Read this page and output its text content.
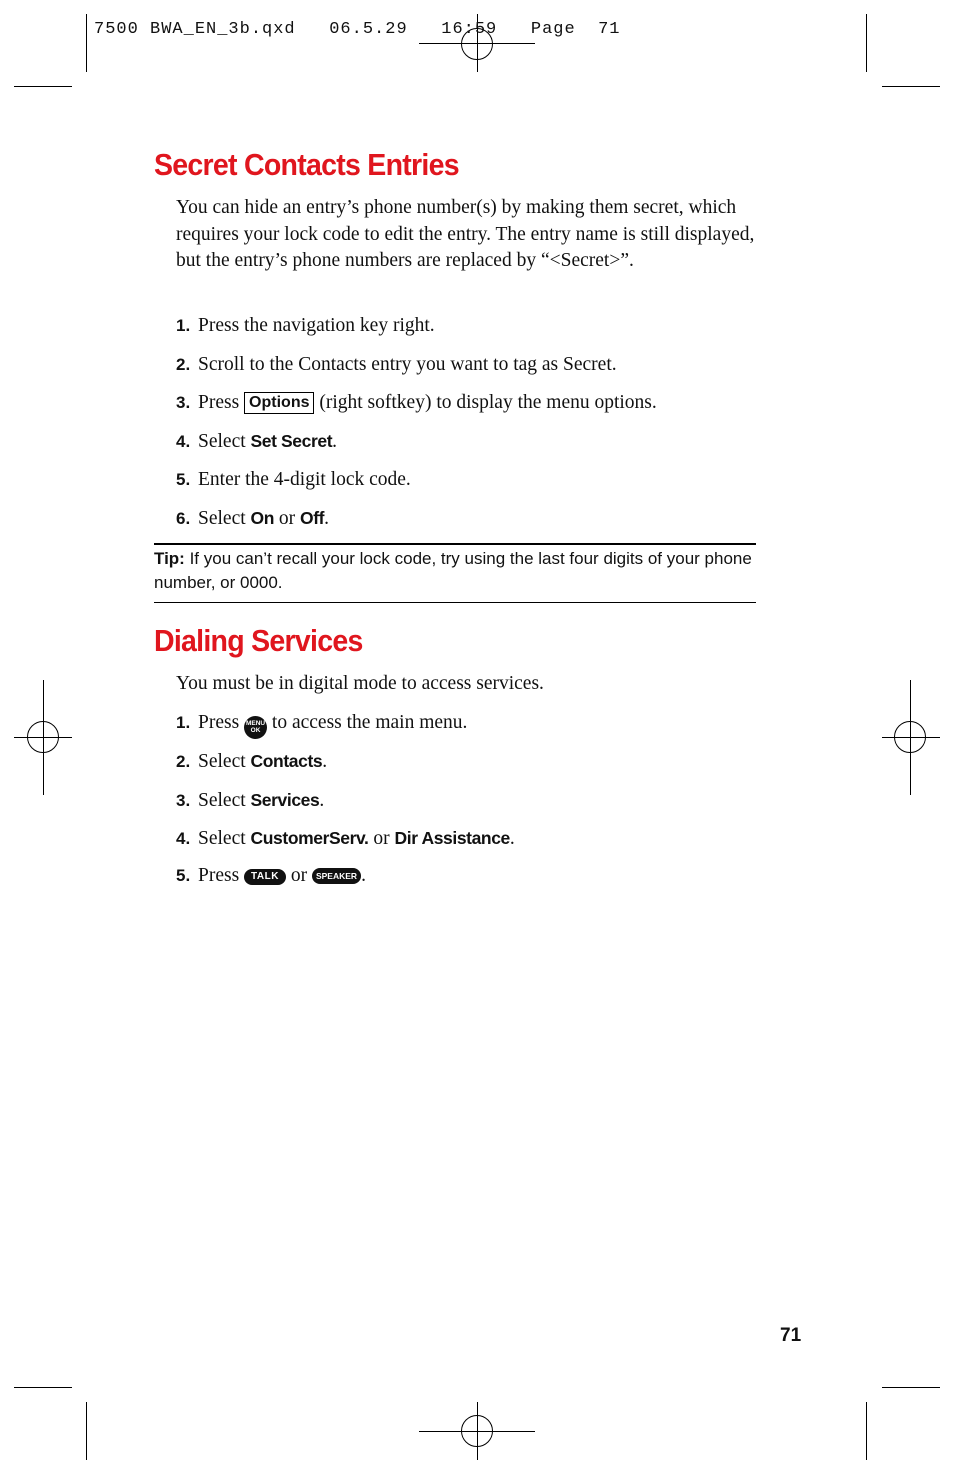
7500 BWA_EN_3b.qxd   06.5.29   16:59   Page  71
Secret Contacts Entries

You can hide an entry’s phone number(s) by making them secret, which requires your lock code to edit the entry. The entry name is still displayed, but the entry’s phone numbers are replaced by “<Secret>”.

1. Press the navigation key right.

2. Scroll to the Contacts entry you want to tag as Secret.

3. Press Options (right softkey) to display the menu options.

4. Select Set Secret.

5. Enter the 4-digit lock code.

6. Select On or Off.

Tip: If you can’t recall your lock code, try using the last four digits of your phone number, or 0000.

Dialing Services

You must be in digital mode to access services.

1. Press MENU
OK to access the main menu.

2. Select Contacts.

3. Select Services.

4. Select CustomerServ. or Dir Assistance.

5. Press TALK or SPEAKER .

71
